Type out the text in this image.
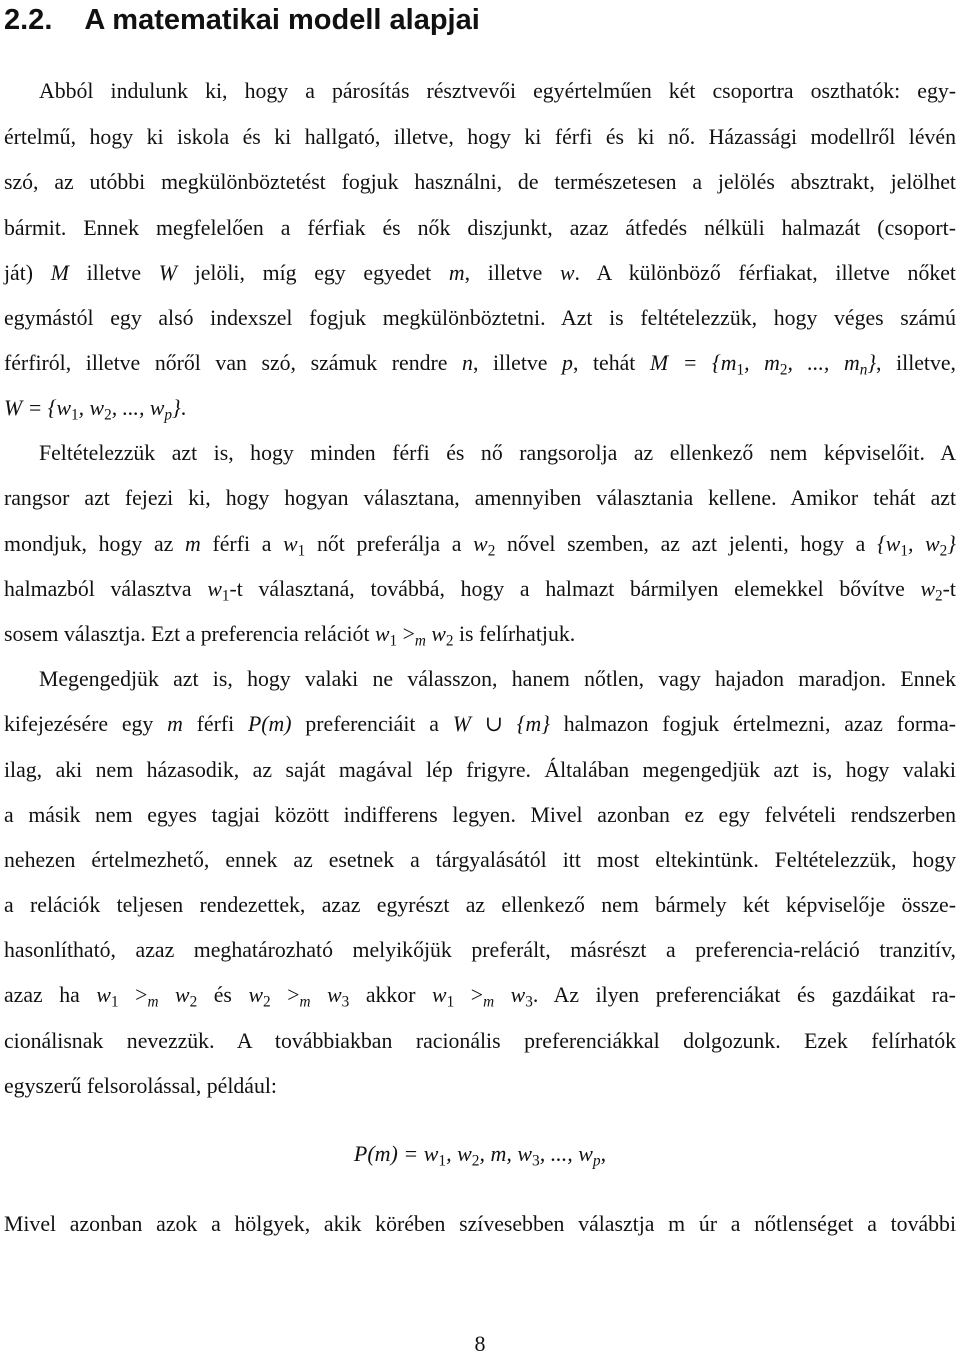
2.2. A matematikai modell alapjai
Abból indulunk ki, hogy a párosítás résztvevői egyértelműen két csoportra oszthatók: egy-
értelmű, hogy ki iskola és ki hallgató, illetve, hogy ki férfi és ki nő. Házassági modellről lévén
szó, az utóbbi megkülönböztetést fogjuk használni, de természetesen a jelölés absztrakt, jelölhet
bármit. Ennek megfelelően a férfiak és nők diszjunkt, azaz átfedés nélküli halmazát (csoport-
ját) M illetve W jelöli, míg egy egyedet m, illetve w. A különböző férfiakat, illetve nőket
egymástól egy alsó indexszel fogjuk megkülönböztetni. Azt is feltételezzük, hogy véges számú
férfiról, illetve nőről van szó, számuk rendre n, illetve p, tehát $M = \{m_1$, $m_2$, ..., $m_n$}, illetve,
$W = \{w_1$, $w_2$, ..., $w_p$}.
Feltételezzük azt is, hogy minden férfi és nő rangsorolja az ellenkező nem képviselőit. A
rangsor azt fejezi ki, hogy hogyan választana, amennyiben választania kellene. Amikor tehát azt
mondjuk, hogy az m férfi a $w_1$ nőt preferálja a $w_2$ nővel szemben, az azt jelenti, hogy a {$w_1$, $w_2$}
halmazból választva $w_1-t$ választaná, továbbá, hogy a halmazt bármilyen elemekkel bővítve $w_2-t$
sosem választja. Ezt a preferencia relációt $w_1 >_m$ $w_2$ is felírhatjuk.
Megengedjük azt is, hogy valaki ne válasszon, hanem nőtlen, vagy hajadon maradjon. Ennek
kifejezésére egy m férfi P(m) preferenciáit a W ∪ {m} halmazon fogjuk értelmezni, azaz forma-
ilag, aki nem házasodik, az saját magával lép frigyre. Általában megengedjük azt is, hogy valaki
a másik nem egyes tagjai között indifferens legyen. Mivel azonban ez egy felvételi rendszerben
nehezen értelmezhető, ennek az esetnek a tárgyalásától itt most eltekintünk. Feltételezzük, hogy
a relációk teljesen rendezettek, azaz egyrészt az ellenkező nem bármely két képviselője össze-
hasonlítható, azaz meghatározható melyikőjük preferált, másrészt a preferencia-reláció tranzitív,
azaz ha $w_1 >_m$ $w_2$ és $w_2 >_m$ $w_3$ akkor $w_1 >_m$ $w_3$. Az ilyen preferenciákat és gazdáikat ra-
cionálisnak nevezzük. A továbbiakban racionális preferenciákkal dolgozunk. Ezek felírhatók
egyszerű felsorolással, például:
$P(m) = w_1$, $w_2$, m, $w_3$, ..., $w_p$,
Mivel azonban azok a hölgyek, akik körében szívesebben választja m úr a nőtlenséget a további
8
